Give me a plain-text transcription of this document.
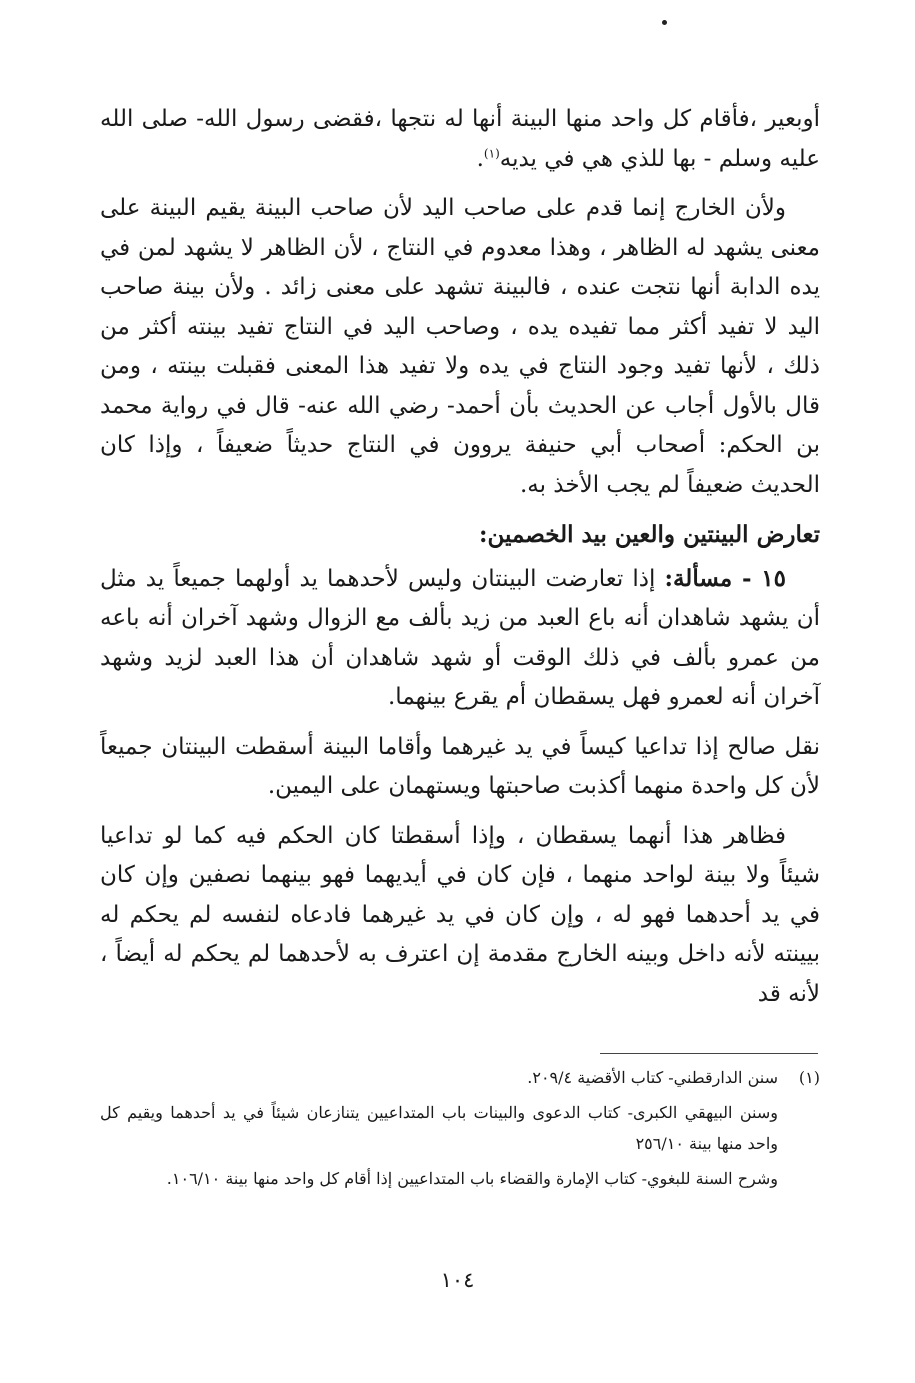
أوبعير ،فأقام كل واحد منها البينة أنها له نتجها ،فقضى رسول الله- صلى الله عليه وسلم - بها للذي هي في يديه$^{(١)}$.

ولأن الخارج إنما قدم على صاحب اليد لأن صاحب البينة يقيم البينة على معنى يشهد له الظاهر ، وهذا معدوم في النتاج ، لأن الظاهر لا يشهد لمن في يده الدابة أنها نتجت عنده ، فالبينة تشهد على معنى زائد . ولأن بينة صاحب اليد لا تفيد أكثر مما تفيده يده ، وصاحب اليد في النتاج تفيد بينته أكثر من ذلك ، لأنها تفيد وجود النتاج في يده ولا تفيد هذا المعنى فقبلت بينته ، ومن قال بالأول أجاب عن الحديث بأن أحمد- رضي الله عنه- قال في رواية محمد بن الحكم: أصحاب أبي حنيفة يروون في النتاج حديثاً ضعيفاً ، وإذا كان الحديث ضعيفاً لم يجب الأخذ به.

تعارض البينتين والعين بيد الخصمين:

١٥ - مسألة: إذا تعارضت البينتان وليس لأحدهما يد أولهما جميعاً يد مثل أن يشهد شاهدان أنه باع العبد من زيد بألف مع الزوال وشهد آخران أنه باعه من عمرو بألف في ذلك الوقت أو شهد شاهدان أن هذا العبد لزيد وشهد آخران أنه لعمرو فهل يسقطان أم يقرع بينهما.

نقل صالح إذا تداعيا كيساً في يد غيرهما وأقاما البينة أسقطت البينتان جميعاً لأن كل واحدة منهما أكذبت صاحبتها ويستهمان على اليمين.

فظاهر هذا أنهما يسقطان ، وإذا أسقطتا كان الحكم فيه كما لو تداعيا شيئاً ولا بينة لواحد منهما ، فإن كان في أيديهما فهو بينهما نصفين وإن كان في يد أحدهما فهو له ، وإن كان في يد غيرهما فادعاه لنفسه لم يحكم له بيينته لأنه داخل وبينه الخارج مقدمة إن اعترف به لأحدهما لم يحكم له أيضاً ، لأنه قد

(١)
سنن الدارقطني- كتاب الأقضية ٢٠٩/٤.
وسنن البيهقي الكبرى- كتاب الدعوى والبينات باب المتداعيين يتنازعان شيئاً في يد أحدهما ويقيم كل واحد منها بينة ٢٥٦/١٠
وشرح السنة للبغوي- كتاب الإمارة والقضاء باب المتداعيين إذا أقام كل واحد منها بينة ١٠٦/١٠.
١٠٤
